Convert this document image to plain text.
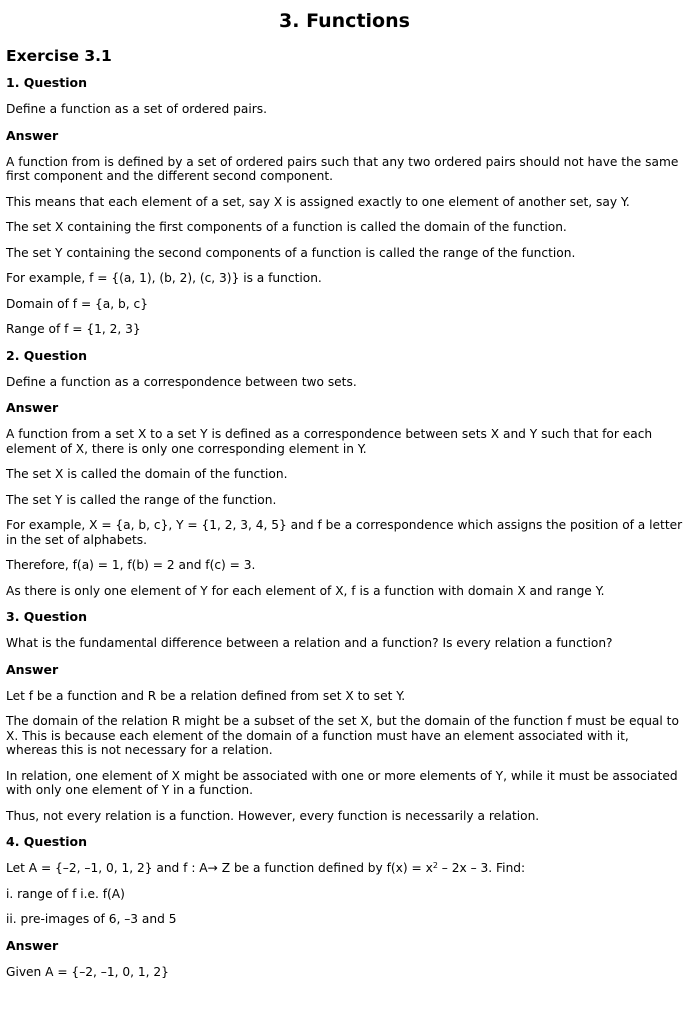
3. Functions
Exercise 3.1
1. Question
Define a function as a set of ordered pairs.
Answer
A function from is defined by a set of ordered pairs such that any two ordered pairs should not have the same first component and the different second component.
This means that each element of a set, say X is assigned exactly to one element of another set, say Y.
The set X containing the first components of a function is called the domain of the function.
The set Y containing the second components of a function is called the range of the function.
For example, f = {(a, 1), (b, 2), (c, 3)} is a function.
Domain of f = {a, b, c}
Range of f = {1, 2, 3}
2. Question
Define a function as a correspondence between two sets.
Answer
A function from a set X to a set Y is defined as a correspondence between sets X and Y such that for each element of X, there is only one corresponding element in Y.
The set X is called the domain of the function.
The set Y is called the range of the function.
For example, X = {a, b, c}, Y = {1, 2, 3, 4, 5} and f be a correspondence which assigns the position of a letter in the set of alphabets.
Therefore, f(a) = 1, f(b) = 2 and f(c) = 3.
As there is only one element of Y for each element of X, f is a function with domain X and range Y.
3. Question
What is the fundamental difference between a relation and a function? Is every relation a function?
Answer
Let f be a function and R be a relation defined from set X to set Y.
The domain of the relation R might be a subset of the set X, but the domain of the function f must be equal to X. This is because each element of the domain of a function must have an element associated with it, whereas this is not necessary for a relation.
In relation, one element of X might be associated with one or more elements of Y, while it must be associated with only one element of Y in a function.
Thus, not every relation is a function. However, every function is necessarily a relation.
4. Question
Let A = {–2, –1, 0, 1, 2} and f : A→ Z be a function defined by $f(x) = x^2 - 2x - 3$. Find:
i. range of f i.e. f(A)
ii. pre-images of 6, –3 and 5
Answer
Given A = {–2, –1, 0, 1, 2}
